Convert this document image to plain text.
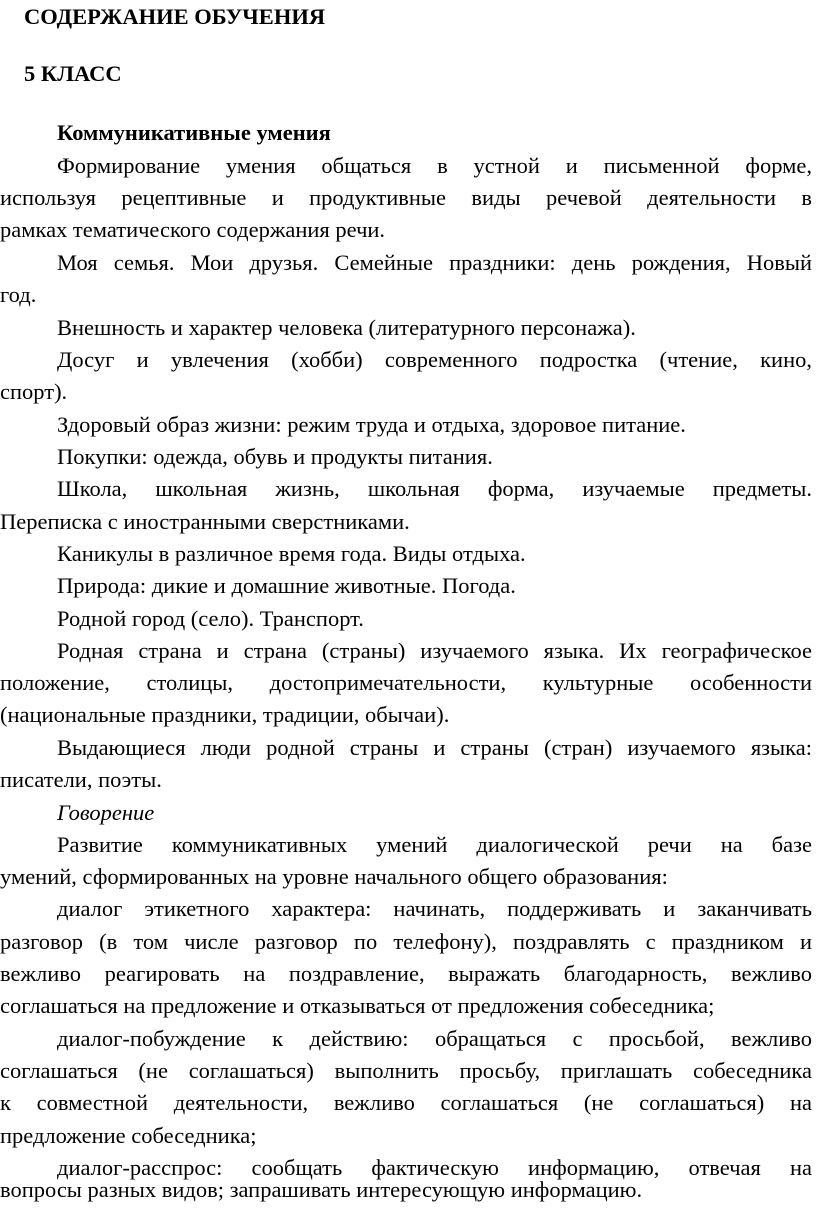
СОДЕРЖАНИЕ ОБУЧЕНИЯ
5 КЛАСС
Коммуникативные умения
Формирование умения общаться в устной и письменной форме,
используя рецептивные и продуктивные виды речевой деятельности в
рамках тематического содержания речи.
Моя семья. Мои друзья. Семейные праздники: день рождения, Новый
год.
Внешность и характер человека (литературного персонажа).
Досуг и увлечения (хобби) современного подростка (чтение, кино,
спорт).
Здоровый образ жизни: режим труда и отдыха, здоровое питание.
Покупки: одежда, обувь и продукты питания.
Школа, школьная жизнь, школьная форма, изучаемые предметы.
Переписка с иностранными сверстниками.
Каникулы в различное время года. Виды отдыха.
Природа: дикие и домашние животные. Погода.
Родной город (село). Транспорт.
Родная страна и страна (страны) изучаемого языка. Их географическое
положение, столицы, достопримечательности, культурные особенности
(национальные праздники, традиции, обычаи).
Выдающиеся люди родной страны и страны (стран) изучаемого языка:
писатели, поэты.
Говорение
Развитие коммуникативных умений диалогической речи на базе
умений, сформированных на уровне начального общего образования:
диалог этикетного характера: начинать, поддерживать и заканчивать
разговор (в том числе разговор по телефону), поздравлять с праздником и
вежливо реагировать на поздравление, выражать благодарность, вежливо
соглашаться на предложение и отказываться от предложения собеседника;
диалог-побуждение к действию: обращаться с просьбой, вежливо
соглашаться (не соглашаться) выполнить просьбу, приглашать собеседника
к совместной деятельности, вежливо соглашаться (не соглашаться) на
предложение собеседника;
диалог-расспрос: сообщать фактическую информацию, отвечая на
вопросы разных видов; запрашивать интересующую информацию.
